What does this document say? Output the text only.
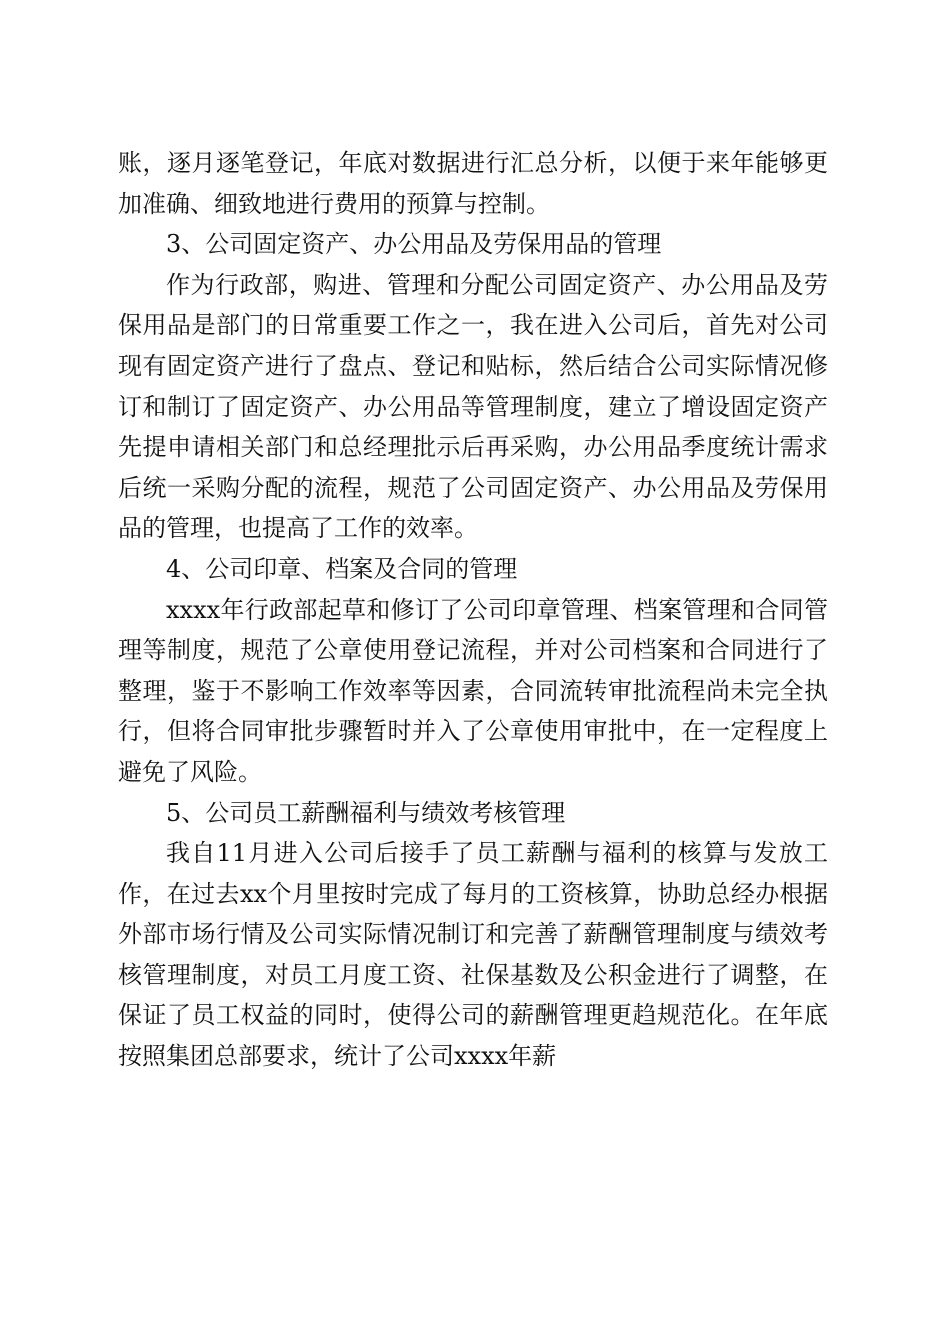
账，逐月逐笔登记，年底对数据进行汇总分析，以便于来年能够更加准确、细致地进行费用的预算与控制。

3、公司固定资产、办公用品及劳保用品的管理

作为行政部，购进、管理和分配公司固定资产、办公用品及劳保用品是部门的日常重要工作之一，我在进入公司后，首先对公司现有固定资产进行了盘点、登记和贴标，然后结合公司实际情况修订和制订了固定资产、办公用品等管理制度，建立了增设固定资产先提申请相关部门和总经理批示后再采购，办公用品季度统计需求后统一采购分配的流程，规范了公司固定资产、办公用品及劳保用品的管理，也提高了工作的效率。

4、公司印章、档案及合同的管理

xxxx年行政部起草和修订了公司印章管理、档案管理和合同管理等制度，规范了公章使用登记流程，并对公司档案和合同进行了整理，鉴于不影响工作效率等因素，合同流转审批流程尚未完全执行，但将合同审批步骤暂时并入了公章使用审批中，在一定程度上避免了风险。

5、公司员工薪酬福利与绩效考核管理

我自11月进入公司后接手了员工薪酬与福利的核算与发放工作，在过去xx个月里按时完成了每月的工资核算，协助总经办根据外部市场行情及公司实际情况制订和完善了薪酬管理制度与绩效考核管理制度，对员工月度工资、社保基数及公积金进行了调整，在保证了员工权益的同时，使得公司的薪酬管理更趋规范化。在年底按照集团总部要求，统计了公司xxxx年薪
